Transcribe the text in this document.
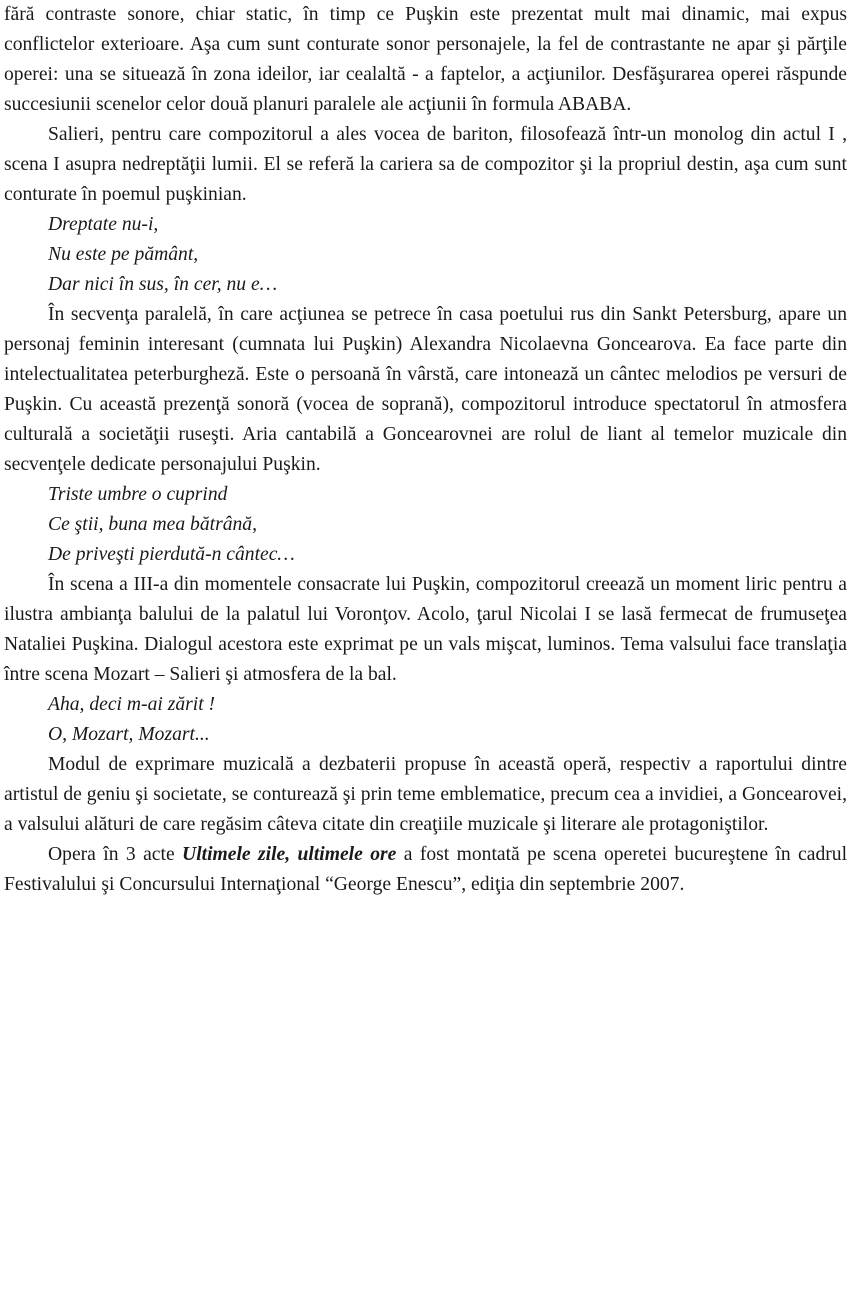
fără contraste sonore, chiar static, în timp ce Puşkin este prezentat mult mai dinamic, mai expus conflictelor exterioare. Aşa cum sunt conturate sonor personajele, la fel de contrastante ne apar şi părţile operei: una se situează în zona ideilor, iar cealaltă - a faptelor, a acţiunilor. Desfăşurarea operei răspunde succesiunii scenelor celor două planuri paralele ale acţiunii în formula ABABA.

Salieri, pentru care compozitorul a ales vocea de bariton, filosofează într-un monolog din actul I , scena I asupra nedreptăţii lumii. El se referă la cariera sa de compozitor şi la propriul destin, aşa cum sunt conturate în poemul puşkinian.

Dreptate nu-i,

Nu este pe pământ,

Dar nici în sus, în cer, nu e…

În secvenţa paralelă, în care acţiunea se petrece în casa poetului rus din Sankt Petersburg, apare un personaj feminin interesant (cumnata lui Puşkin) Alexandra Nicolaevna Goncearova. Ea face parte din intelectualitatea peterburgheză. Este o persoană în vârstă, care intonează un cântec melodios pe versuri de Puşkin. Cu această prezenţă sonoră (vocea de soprană), compozitorul introduce spectatorul în atmosfera culturală a societăţii ruseşti. Aria cantabilă a Goncearovnei are rolul de liant al temelor muzicale din secvenţele dedicate personajului Puşkin.

Triste umbre o cuprind

Ce ştii, buna mea bătrână,

De priveşti pierdută-n cântec…

În scena a III-a din momentele consacrate lui Puşkin, compozitorul creează un moment liric pentru a ilustra ambianţa balului de la palatul lui Voronţov. Acolo, ţarul Nicolai I se lasă fermecat de frumuseţea Nataliei Puşkina. Dialogul acestora este exprimat pe un vals mişcat, luminos. Tema valsului face translaţia între scena Mozart – Salieri şi atmosfera de la bal.

Aha, deci m-ai zărit !

O, Mozart, Mozart...

Modul de exprimare muzicală a dezbaterii propuse în această operă, respectiv a raportului dintre artistul de geniu şi societate, se conturează şi prin teme emblematice, precum cea a invidiei, a Goncearovei, a valsului alături de care regăsim câteva citate din creaţiile muzicale şi literare ale protagoniştilor.

Opera în 3 acte Ultimele zile, ultimele ore a fost montată pe scena operetei bucureştene în cadrul Festivalului şi Concursului Internaţional “George Enescu”, ediţia din septembrie 2007.
